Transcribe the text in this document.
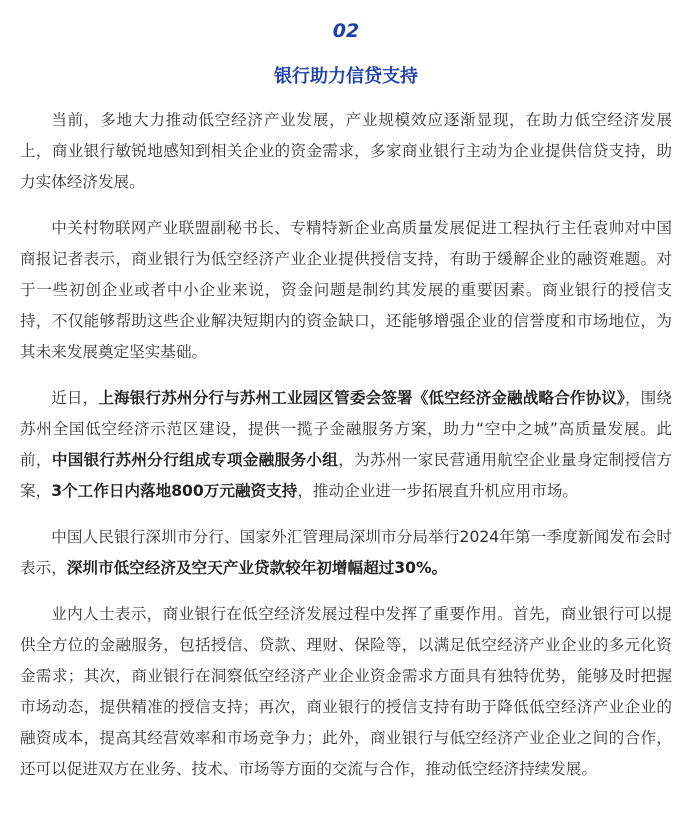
02
银行助力信贷支持

当前，多地大力推动低空经济产业发展，产业规模效应逐渐显现，在助力低空经济发展上，商业银行敏锐地感知到相关企业的资金需求，多家商业银行主动为企业提供信贷支持，助力实体经济发展。

中关村物联网产业联盟副秘书长、专精特新企业高质量发展促进工程执行主任袁帅对中国商报记者表示，商业银行为低空经济产业企业提供授信支持，有助于缓解企业的融资难题。对于一些初创企业或者中小企业来说，资金问题是制约其发展的重要因素。商业银行的授信支持，不仅能够帮助这些企业解决短期内的资金缺口，还能够增强企业的信誉度和市场地位，为其未来发展奠定坚实基础。

近日，上海银行苏州分行与苏州工业园区管委会签署《低空经济金融战略合作协议》，围绕苏州全国低空经济示范区建设，提供一揽子金融服务方案，助力“空中之城”高质量发展。此前，中国银行苏州分行组成专项金融服务小组，为苏州一家民营通用航空企业量身定制授信方案，3个工作日内落地800万元融资支持，推动企业进一步拓展直升机应用市场。

中国人民银行深圳市分行、国家外汇管理局深圳市分局举行2024年第一季度新闻发布会时表示，深圳市低空经济及空天产业贷款较年初增幅超过30%。

业内人士表示，商业银行在低空经济发展过程中发挥了重要作用。首先，商业银行可以提供全方位的金融服务，包括授信、贷款、理财、保险等，以满足低空经济产业企业的多元化资金需求；其次，商业银行在洞察低空经济产业企业资金需求方面具有独特优势，能够及时把握市场动态，提供精准的授信支持；再次，商业银行的授信支持有助于降低低空经济产业企业的融资成本，提高其经营效率和市场竞争力；此外，商业银行与低空经济产业企业之间的合作，还可以促进双方在业务、技术、市场等方面的交流与合作，推动低空经济持续发展。
